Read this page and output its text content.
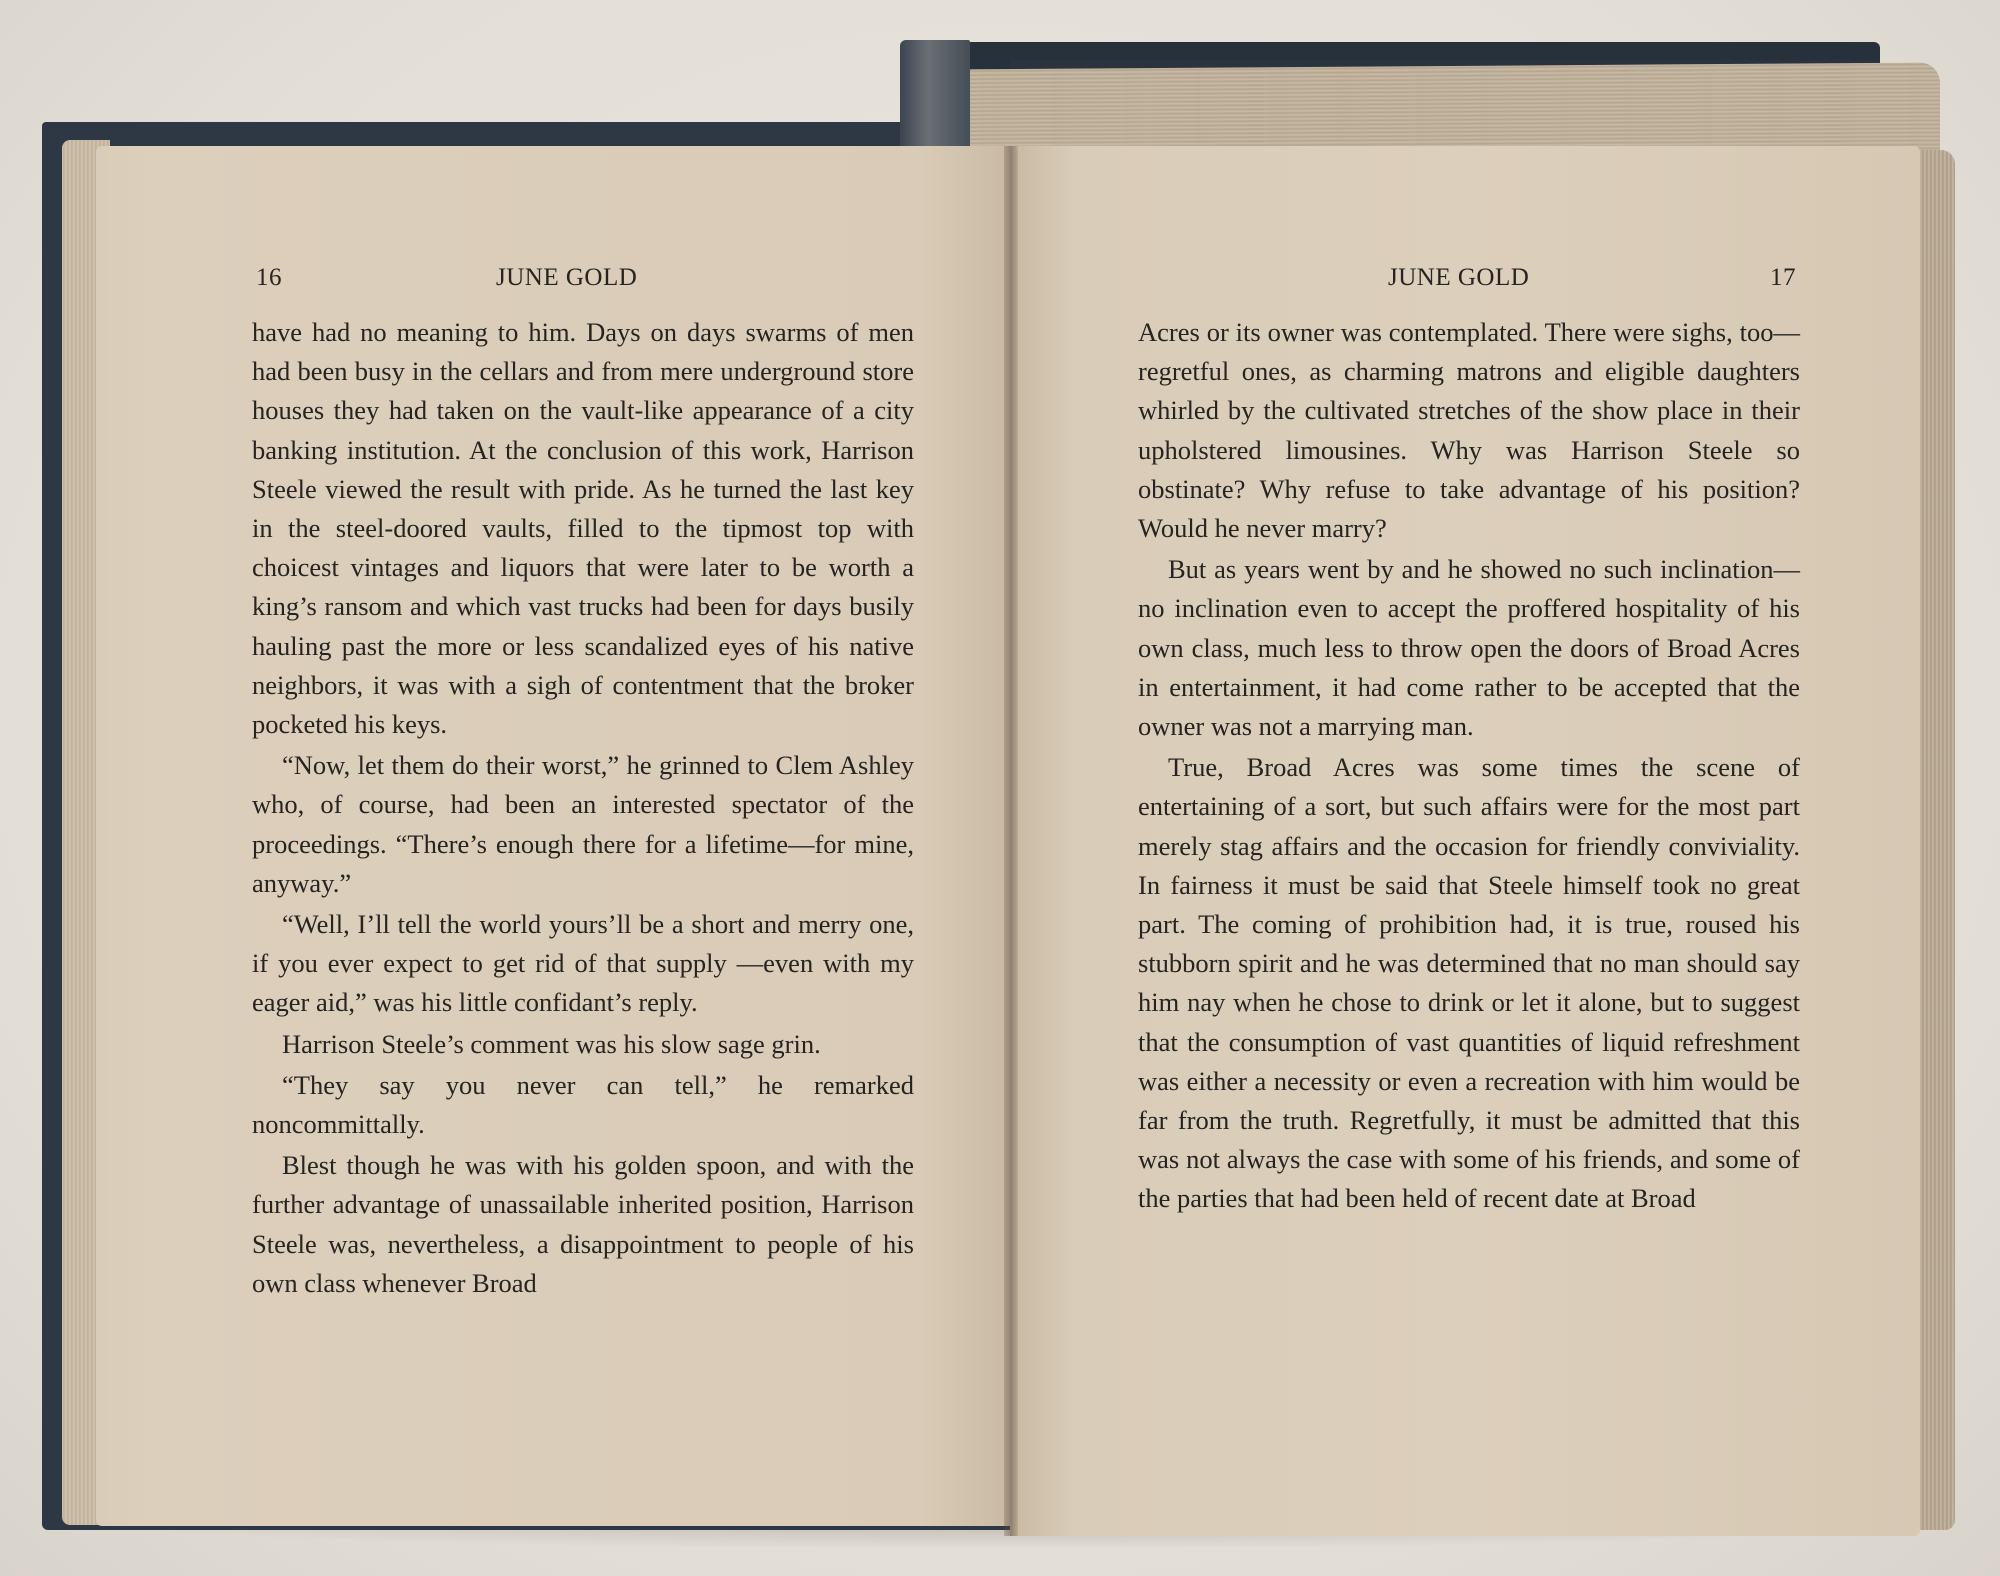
16	JUNE GOLD

have had no meaning to him. Days on days swarms of men had been busy in the cellars and from mere underground store houses they had taken on the vault-like appearance of a city banking institution. At the conclusion of this work, Harrison Steele viewed the result with pride. As he turned the last key in the steel-doored vaults, filled to the tipmost top with choicest vintages and liquors that were later to be worth a king’s ransom and which vast trucks had been for days busily hauling past the more or less scandalized eyes of his native neighbors, it was with a sigh of contentment that the broker pocketed his keys.

“Now, let them do their worst,” he grinned to Clem Ashley who, of course, had been an interested spectator of the proceedings. “There’s enough there for a lifetime—for mine, anyway.”

“Well, I’ll tell the world yours’ll be a short and merry one, if you ever expect to get rid of that supply —even with my eager aid,” was his little confidant’s reply.

Harrison Steele’s comment was his slow sage grin.

“They say you never can tell,” he remarked noncommittally.

Blest though he was with his golden spoon, and with the further advantage of unassailable inherited position, Harrison Steele was, nevertheless, a disappointment to people of his own class whenever Broad

JUNE GOLD	17

Acres or its owner was contemplated. There were sighs, too—regretful ones, as charming matrons and eligible daughters whirled by the cultivated stretches of the show place in their upholstered limousines. Why was Harrison Steele so obstinate? Why refuse to take advantage of his position? Would he never marry?

But as years went by and he showed no such inclination—no inclination even to accept the proffered hospitality of his own class, much less to throw open the doors of Broad Acres in entertainment, it had come rather to be accepted that the owner was not a marrying man.

True, Broad Acres was some times the scene of entertaining of a sort, but such affairs were for the most part merely stag affairs and the occasion for friendly conviviality. In fairness it must be said that Steele himself took no great part. The coming of prohibition had, it is true, roused his stubborn spirit and he was determined that no man should say him nay when he chose to drink or let it alone, but to suggest that the consumption of vast quantities of liquid refreshment was either a necessity or even a recreation with him would be far from the truth. Regretfully, it must be admitted that this was not always the case with some of his friends, and some of the parties that had been held of recent date at Broad
